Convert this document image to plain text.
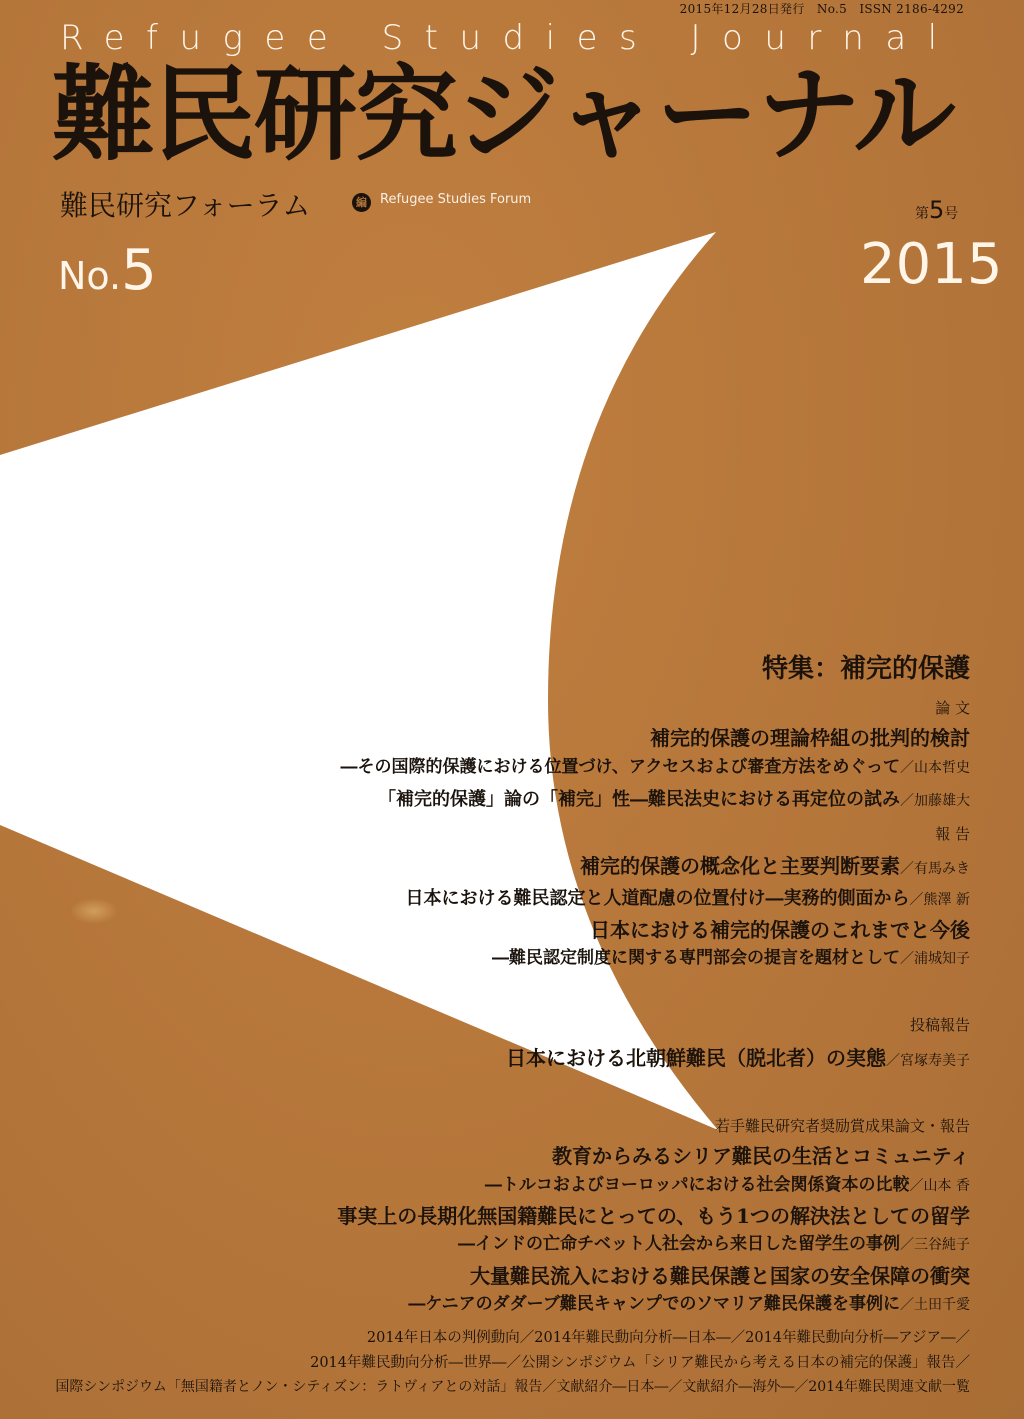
2015年12月28日発行　No.5　ISSN 2186-4292
Refugee Studies Journal
難民研究ジャーナル
難民研究フォーラム	編	Refugee Studies Forum
第5号
No.5	2015
特集：補完的保護
論 文
補完的保護の理論枠組の批判的検討
―その国際的保護における位置づけ、アクセスおよび審査方法をめぐって／山本哲史
「補完的保護」論の「補完」性―難民法史における再定位の試み／加藤雄大
報 告
補完的保護の概念化と主要判断要素／有馬みき
日本における難民認定と人道配慮の位置付け―実務的側面から／熊澤 新
日本における補完的保護のこれまでと今後
―難民認定制度に関する専門部会の提言を題材として／浦城知子
投稿報告
日本における北朝鮮難民（脱北者）の実態／宮塚寿美子
若手難民研究者奨励賞成果論文・報告
教育からみるシリア難民の生活とコミュニティ
―トルコおよびヨーロッパにおける社会関係資本の比較／山本 香
事実上の長期化無国籍難民にとっての、もう1つの解決法としての留学
―インドの亡命チベット人社会から来日した留学生の事例／三谷純子
大量難民流入における難民保護と国家の安全保障の衝突
―ケニアのダダーブ難民キャンプでのソマリア難民保護を事例に／土田千愛
2014年日本の判例動向／2014年難民動向分析―日本―／2014年難民動向分析―アジア―／
2014年難民動向分析―世界―／公開シンポジウム「シリア難民から考える日本の補完的保護」報告／
国際シンポジウム「無国籍者とノン・シティズン：ラトヴィアとの対話」報告／文献紹介―日本―／文献紹介―海外―／2014年難民関連文献一覧
